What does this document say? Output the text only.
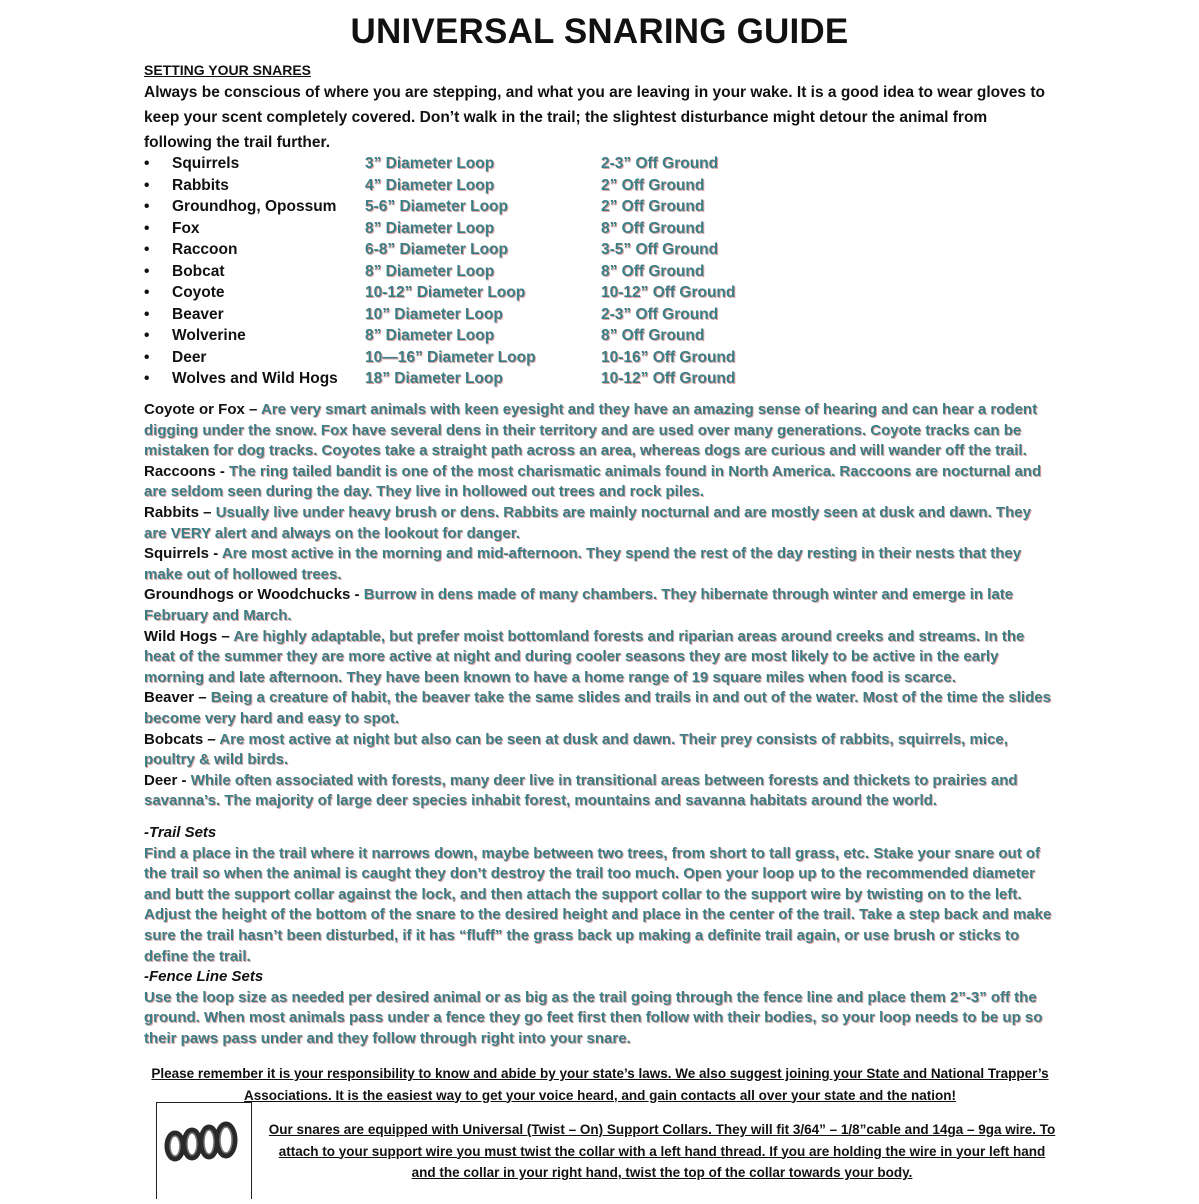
UNIVERSAL SNARING GUIDE
SETTING YOUR SNARES
Always be conscious of where you are stepping, and what you are leaving in your wake. It is a good idea to wear gloves to keep your scent completely covered. Don’t walk in the trail; the slightest disturbance might detour the animal from following the trail further.
• Squirrels	3” Diameter Loop	2-3” Off Ground
• Rabbits	4” Diameter Loop	2” Off Ground
• Groundhog, Opossum 5-6” Diameter Loop	2” Off Ground
• Fox	8” Diameter Loop	8” Off Ground
• Raccoon	6-8” Diameter Loop	3-5” Off Ground
• Bobcat	8” Diameter Loop	8” Off Ground
• Coyote	10-12” Diameter Loop	10-12” Off Ground
• Beaver	10” Diameter Loop	2-3” Off Ground
• Wolverine	8” Diameter Loop	8” Off Ground
• Deer	10—16” Diameter Loop	10-16” Off Ground
• Wolves and Wild Hogs 18” Diameter Loop	10-12” Off Ground

Coyote or Fox – Are very smart animals with keen eyesight and they have an amazing sense of hearing and can hear a rodent digging under the snow. Fox have several dens in their territory and are used over many generations. Coyote tracks can be mistaken for dog tracks. Coyotes take a straight path across an area, whereas dogs are curious and will wander off the trail.

Raccoons - The ring tailed bandit is one of the most charismatic animals found in North America. Raccoons are nocturnal and are seldom seen during the day. They live in hollowed out trees and rock piles.

Rabbits – Usually live under heavy brush or dens. Rabbits are mainly nocturnal and are mostly seen at dusk and dawn. They are VERY alert and always on the lookout for danger.

Squirrels - Are most active in the morning and mid-afternoon. They spend the rest of the day resting in their nests that they make out of hollowed trees.

Groundhogs or Woodchucks - Burrow in dens made of many chambers. They hibernate through winter and emerge in late February and March.

Wild Hogs – Are highly adaptable, but prefer moist bottomland forests and riparian areas around creeks and streams. In the heat of the summer they are more active at night and during cooler seasons they are most likely to be active in the early morning and late afternoon. They have been known to have a home range of 19 square miles when food is scarce.

Beaver – Being a creature of habit, the beaver take the same slides and trails in and out of the water. Most of the time the slides become very hard and easy to spot.

Bobcats – Are most active at night but also can be seen at dusk and dawn. Their prey consists of rabbits, squirrels, mice, poultry & wild birds.

Deer - While often associated with forests, many deer live in transitional areas between forests and thickets to prairies and savanna’s. The majority of large deer species inhabit forest, mountains and savanna habitats around the world.

-Trail Sets

Find a place in the trail where it narrows down, maybe between two trees, from short to tall grass, etc. Stake your snare out of the trail so when the animal is caught they don’t destroy the trail too much. Open your loop up to the recommended diameter and butt the support collar against the lock, and then attach the support collar to the support wire by twisting on to the left. Adjust the height of the bottom of the snare to the desired height and place in the center of the trail. Take a step back and make sure the trail hasn’t been disturbed, if it has “fluff” the grass back up making a definite trail again, or use brush or sticks to define the trail.

-Fence Line Sets

Use the loop size as needed per desired animal or as big as the trail going through the fence line and place them 2”-3” off the ground. When most animals pass under a fence they go feet first then follow with their bodies, so your loop needs to be up so their paws pass under and they follow through right into your snare.

Please remember it is your responsibility to know and abide by your state’s laws. We also suggest joining your State and National Trapper’s Associations. It is the easiest way to get your voice heard, and gain contacts all over your state and the nation!
Our snares are equipped with Universal (Twist – On) Support Collars. They will fit 3/64” – 1/8”cable and 14ga – 9ga wire. To attach to your support wire you must twist the collar with a left hand thread. If you are holding the wire in your left hand and the collar in your right hand, twist the top of the collar towards your body.
